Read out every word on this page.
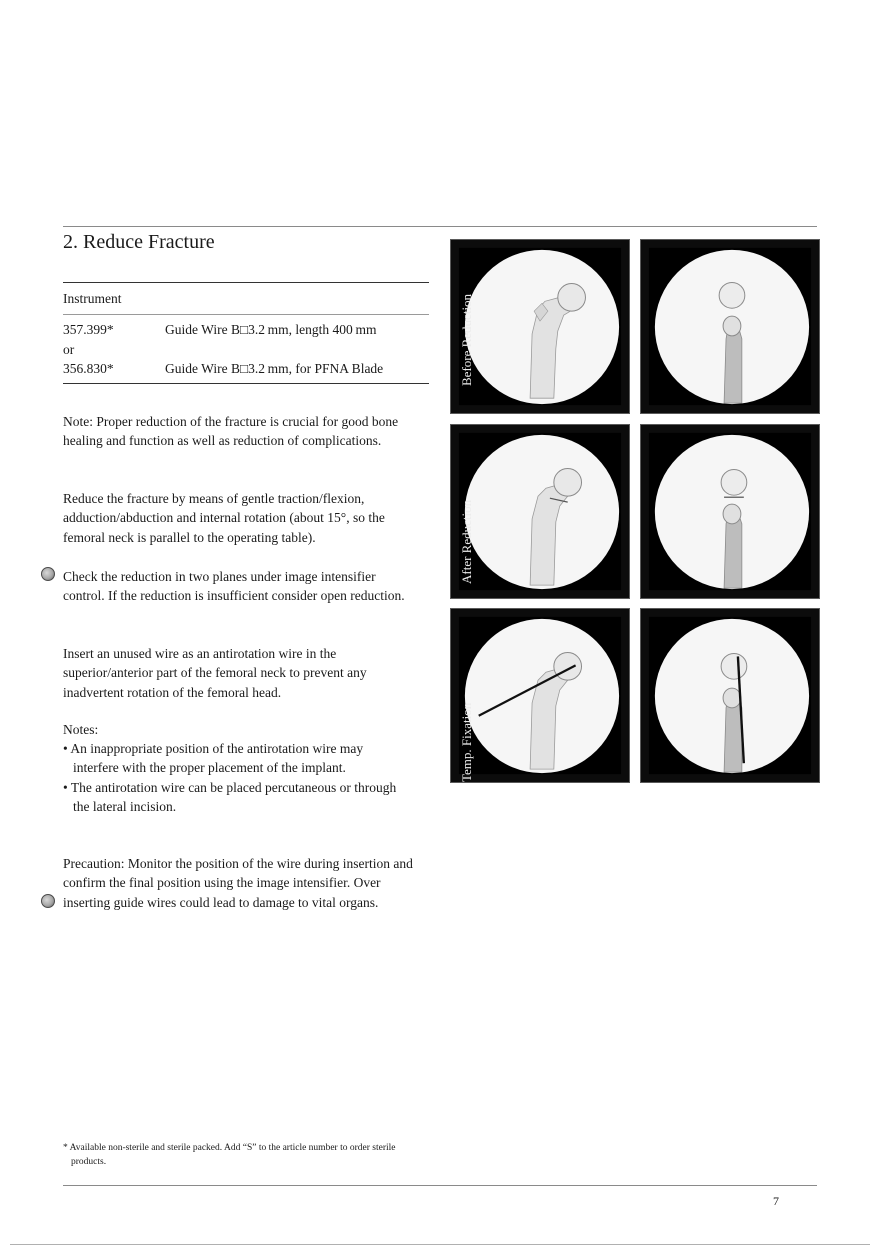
2. Reduce Fracture
Instrument
357.399*	Guide Wire B□3.2 mm, length 400 mm
or
356.830*	Guide Wire B□3.2 mm, for PFNA Blade

Note: Proper reduction of the fracture is crucial for good bone healing and function as well as reduction of complications.

Reduce the fracture by means of gentle traction/flexion, adduction/abduction and internal rotation (about 15°, so the femoral neck is parallel to the operating table).

Check the reduction in two planes under image intensifier control. If the reduction is insufficient consider open reduction.

Insert an unused wire as an antirotation wire in the superior/anterior part of the femoral neck to prevent any inadvertent rotation of the femoral head.

Notes:

• An inappropriate position of the antirotation wire may interfere with the proper placement of the implant.
• The antirotation wire can be placed percutaneous or through the lateral incision.

Precaution: Monitor the position of the wire during insertion and confirm the final position using the image intensifier. Over inserting guide wires could lead to damage to vital organs.

Before Reduction
After Reduction
Temp. Fixation
* Available non-sterile and sterile packed. Add “S” to the article number to order sterile products.
7
